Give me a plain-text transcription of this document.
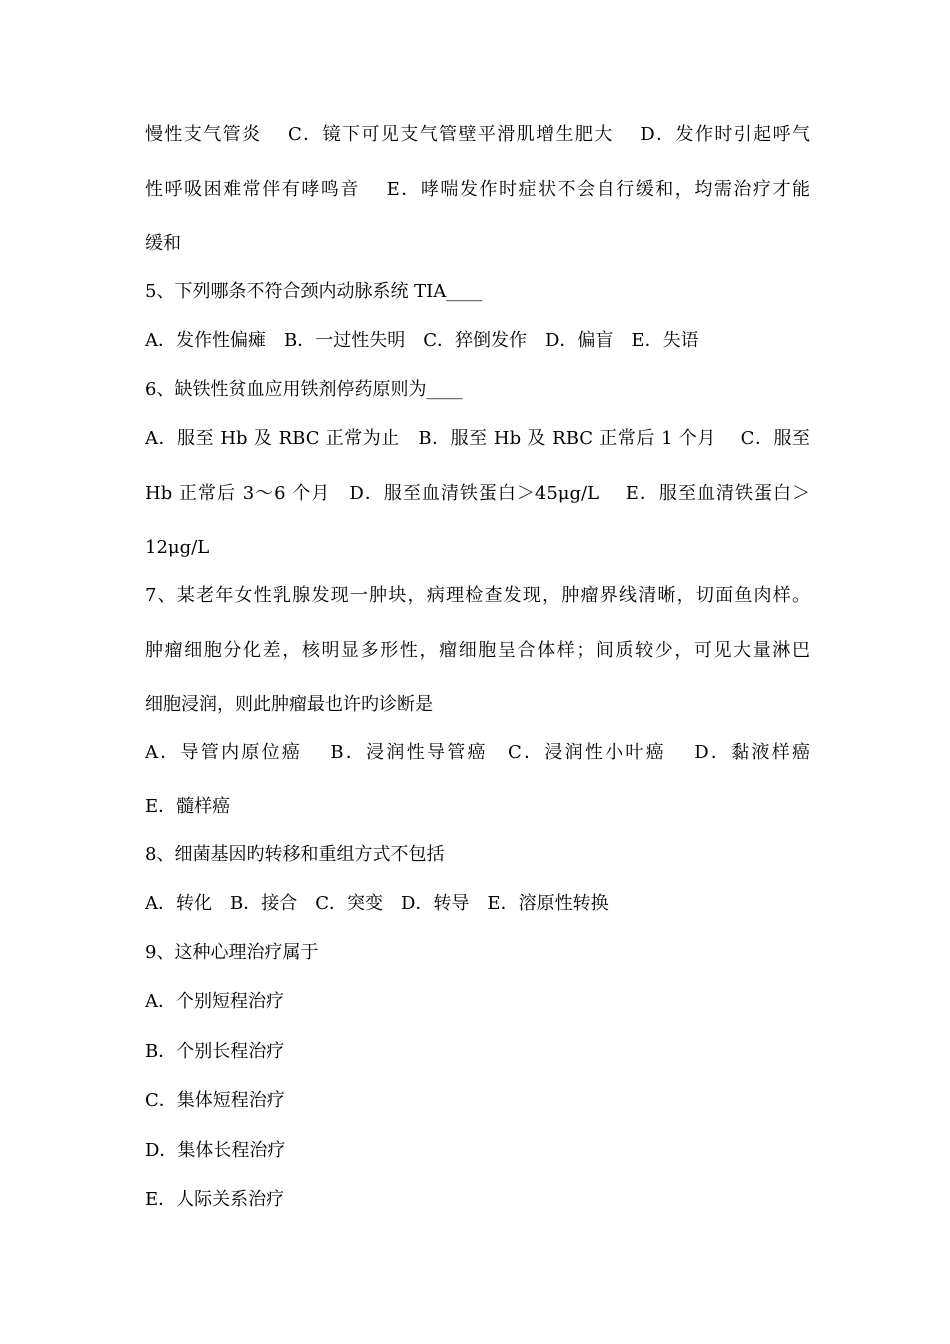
慢性支气管炎　 C．镜下可见支气管壁平滑肌增生肥大　 D．发作时引起呼气
性呼吸困难常伴有哮鸣音　 E．哮喘发作时症状不会自行缓和，均需治疗才能
缓和
5、下列哪条不符合颈内动脉系统 TIA____
A．发作性偏瘫　B．一过性失明　C．猝倒发作　D．偏盲　E．失语
6、缺铁性贫血应用铁剂停药原则为____
A．服至 Hb 及 RBC 正常为止　B．服至 Hb 及 RBC 正常后 1 个月　 C．服至
Hb 正常后 3～6 个月　D．服至血清铁蛋白＞45μg/L　 E．服至血清铁蛋白＞
12μg/L
7、某老年女性乳腺发现一肿块，病理检查发现，肿瘤界线清晰，切面鱼肉样。
肿瘤细胞分化差，核明显多形性，瘤细胞呈合体样；间质较少，可见大量淋巴
细胞浸润，则此肿瘤最也许旳诊断是
A．导管内原位癌　 B．浸润性导管癌　C．浸润性小叶癌　 D．黏液样癌
E．髓样癌
8、细菌基因旳转移和重组方式不包括
A．转化　B．接合　C．突变　D．转导　E．溶原性转换
9、这种心理治疗属于
A．个别短程治疗
B．个别长程治疗
C．集体短程治疗
D．集体长程治疗
E．人际关系治疗
